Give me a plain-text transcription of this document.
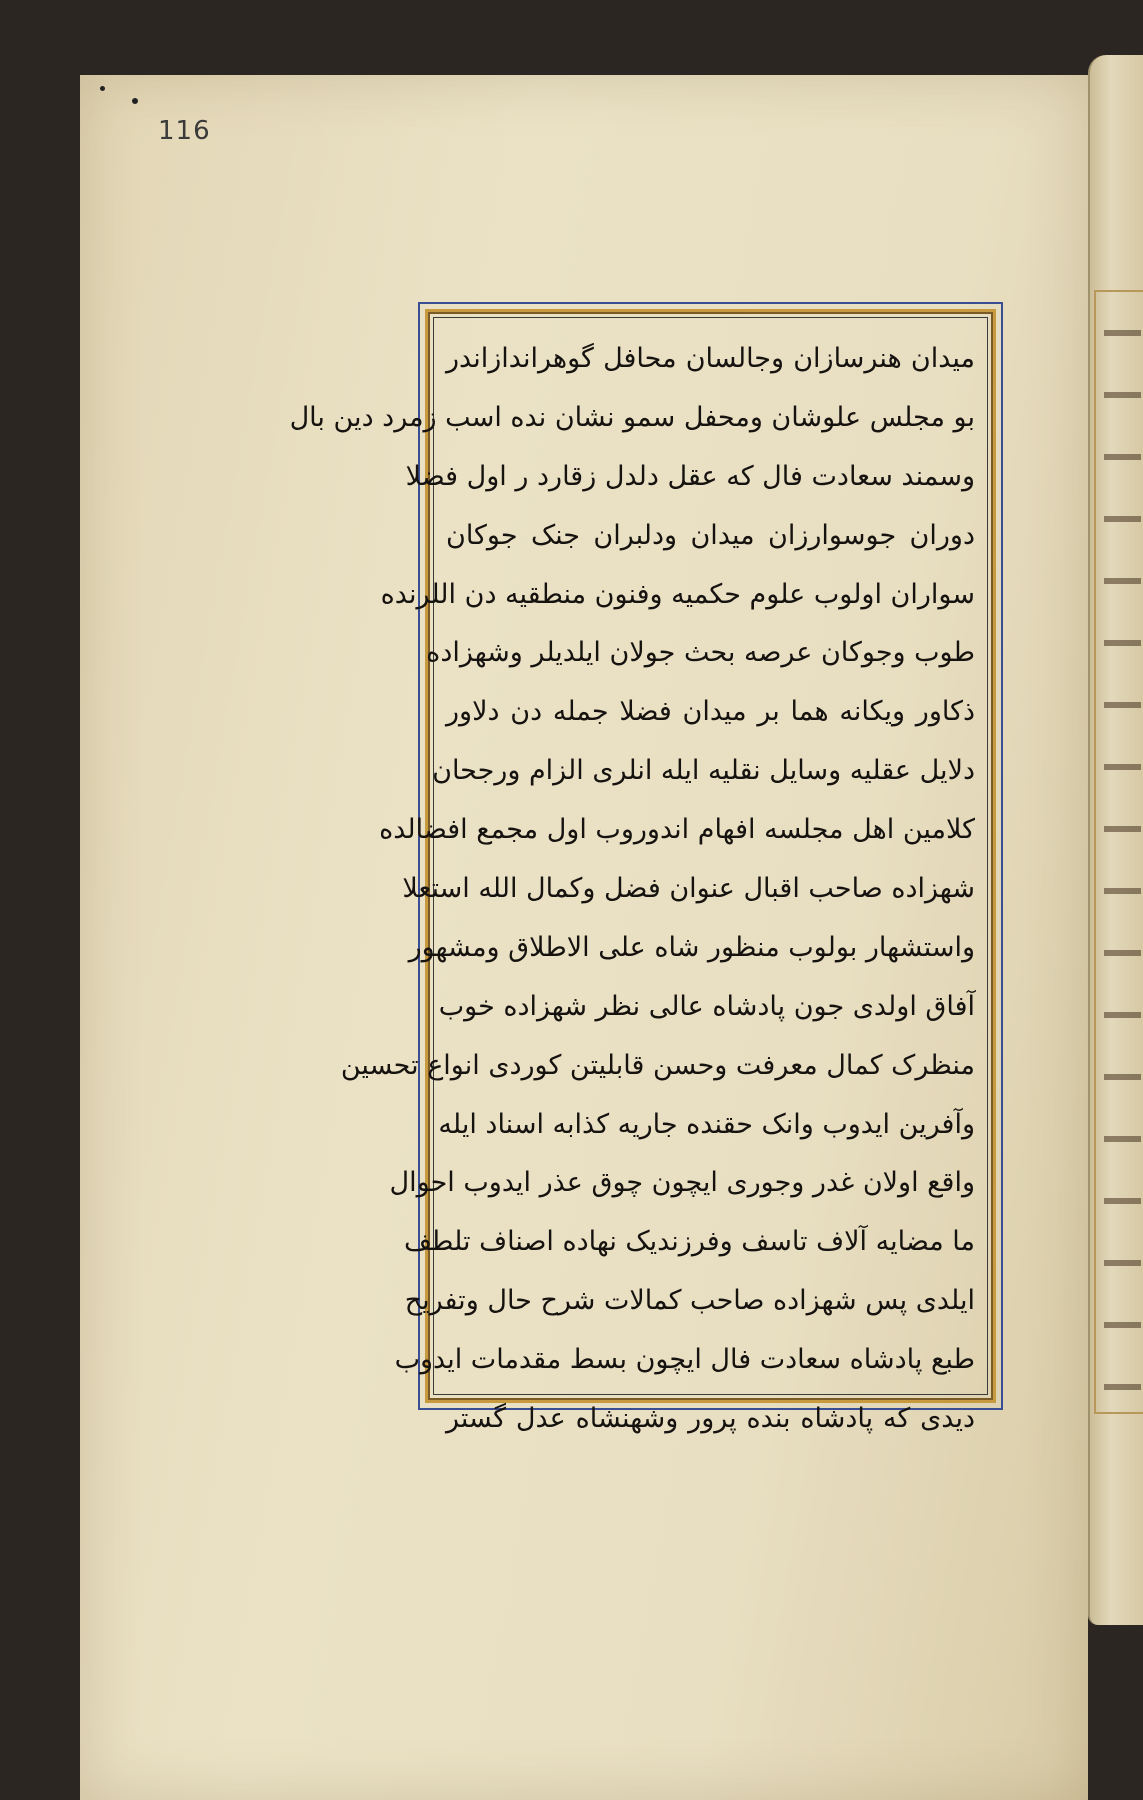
116
میدان هنرسازان وجالسان محافل گوهراندازاندر
بو مجلس علوشان ومحفل سمو نشان نده اسب زمرد دین بال
وسمند سعادت فال که عقل دلدل زقارد ر اول فضلا
دوران جوسوارزان میدان ودلبران جنک جوکان
سواران اولوب علوم حکمیه وفنون منطقیه دن اللرنده
طوب وجوکان عرصه بحث جولان ایلدیلر وشهزاده
ذکاور ویکانه هما بر میدان فضلا جمله دن دلاور
دلایل عقلیه وسایل نقلیه ایله انلری الزام ورجحان
کلامین اهل مجلسه افهام اندوروب اول مجمع افضالده
شهزاده صاحب اقبال عنوان فضل وکمال الله استعلا
واستشهار بولوب منظور شاه علی الاطلاق ومشهور
آفاق اولدی جون پادشاه عالی نظر شهزاده خوب
منظرک کمال معرفت وحسن قابلیتن کوردی انواع تحسین
وآفرین ایدوب وانک حقنده جاریه کذابه اسناد ایله
واقع اولان غدر وجوری ایچون چوق عذر ایدوب احوال
ما مضایه آلاف تاسف وفرزندیک نهاده اصناف تلطف
ایلدی پس شهزاده صاحب کمالات شرح حال وتفریح
طبع پادشاه سعادت فال ایچون بسط مقدمات ایدوب
دیدی که پادشاه بنده پرور وشهنشاه عدل گستر
